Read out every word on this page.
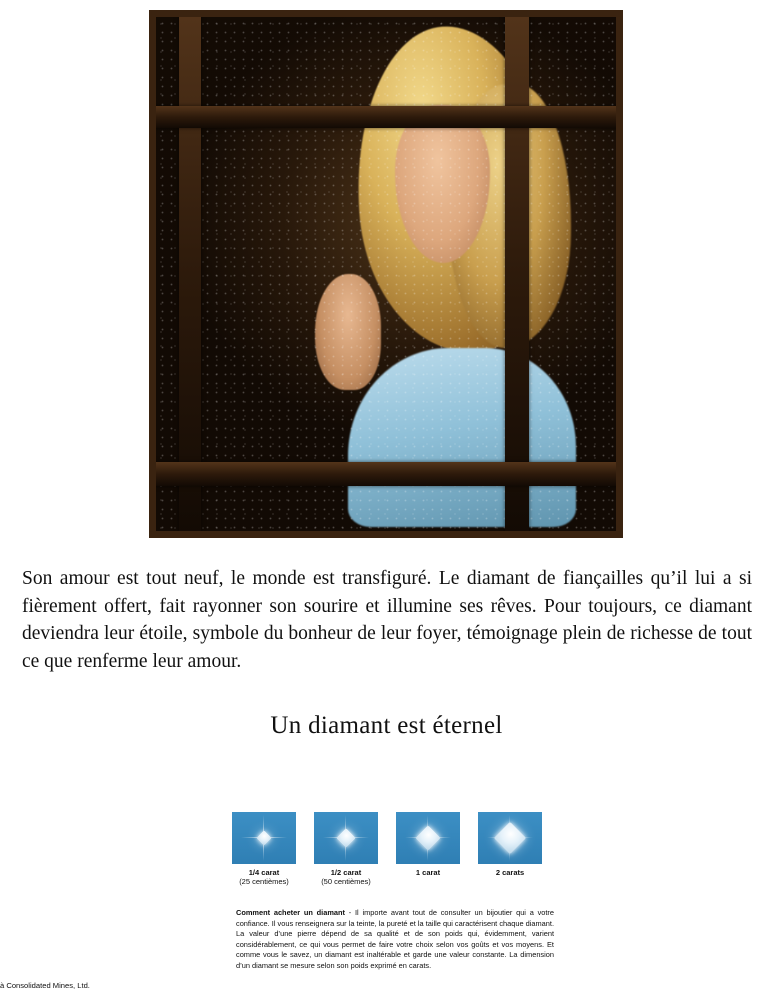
Son amour est tout neuf, le monde est transfiguré. Le diamant de fiançailles qu’il lui a si fièrement offert, fait rayonner son sourire et illumine ses rêves. Pour toujours, ce diamant deviendra leur étoile, symbole du bonheur de leur foyer, témoignage plein de richesse de tout ce que renferme leur amour.
Un diamant est éternel
1/4 carat
(25 centièmes)
1/2 carat
(50 centièmes)
1 carat	2 carats

Comment acheter un diamant - Il importe avant tout de consulter un bijoutier qui a votre confiance. Il vous renseignera sur la teinte, la pureté et la taille qui caractérisent chaque diamant. La valeur d’une pierre dépend de sa qualité et de son poids qui, évidemment, varient considérablement, ce qui vous permet de faire votre choix selon vos goûts et vos moyens. Et comme vous le savez, un diamant est inaltérable et garde une valeur constante. La dimension d’un diamant se mesure selon son poids exprimé en carats.
à Consolidated Mines, Ltd.
